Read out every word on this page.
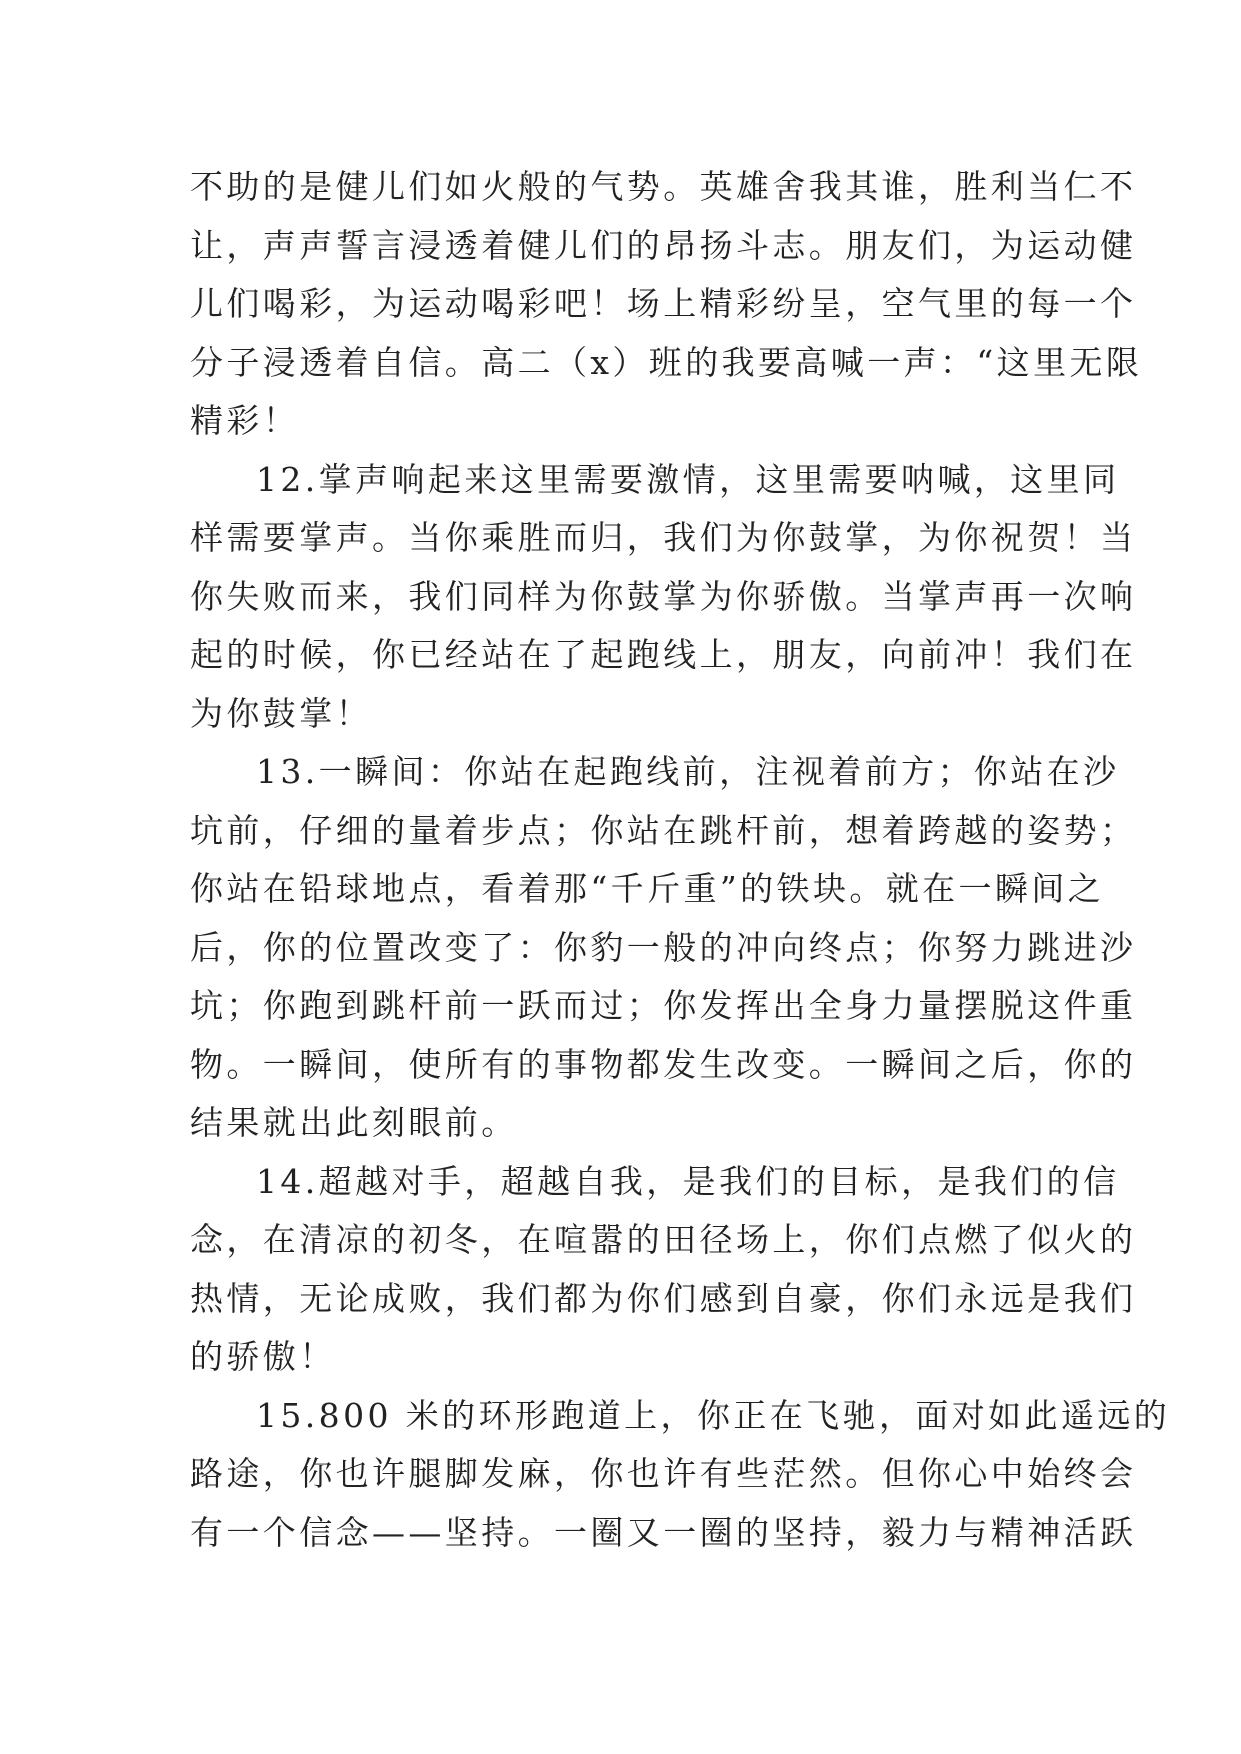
不助的是健儿们如火般的气势。英雄舍我其谁，胜利当仁不
让，声声誓言浸透着健儿们的昂扬斗志。朋友们，为运动健
儿们喝彩，为运动喝彩吧！场上精彩纷呈，空气里的每一个
分子浸透着自信。高二（x）班的我要高喊一声：“这里无限
精彩！
12.掌声响起来这里需要激情，这里需要呐喊，这里同
样需要掌声。当你乘胜而归，我们为你鼓掌，为你祝贺！当
你失败而来，我们同样为你鼓掌为你骄傲。当掌声再一次响
起的时候，你已经站在了起跑线上，朋友，向前冲！我们在
为你鼓掌！
13.一瞬间：你站在起跑线前，注视着前方；你站在沙
坑前，仔细的量着步点；你站在跳杆前，想着跨越的姿势；
你站在铅球地点，看着那“千斤重”的铁块。就在一瞬间之
后，你的位置改变了：你豹一般的冲向终点；你努力跳进沙
坑；你跑到跳杆前一跃而过；你发挥出全身力量摆脱这件重
物。一瞬间，使所有的事物都发生改变。一瞬间之后，你的
结果就出此刻眼前。
14.超越对手，超越自我，是我们的目标，是我们的信
念，在清凉的初冬，在喧嚣的田径场上，你们点燃了似火的
热情，无论成败，我们都为你们感到自豪，你们永远是我们
的骄傲！
15.800 米的环形跑道上，你正在飞驰，面对如此遥远的
路途，你也许腿脚发麻，你也许有些茫然。但你心中始终会
有一个信念——坚持。一圈又一圈的坚持，毅力与精神活跃
